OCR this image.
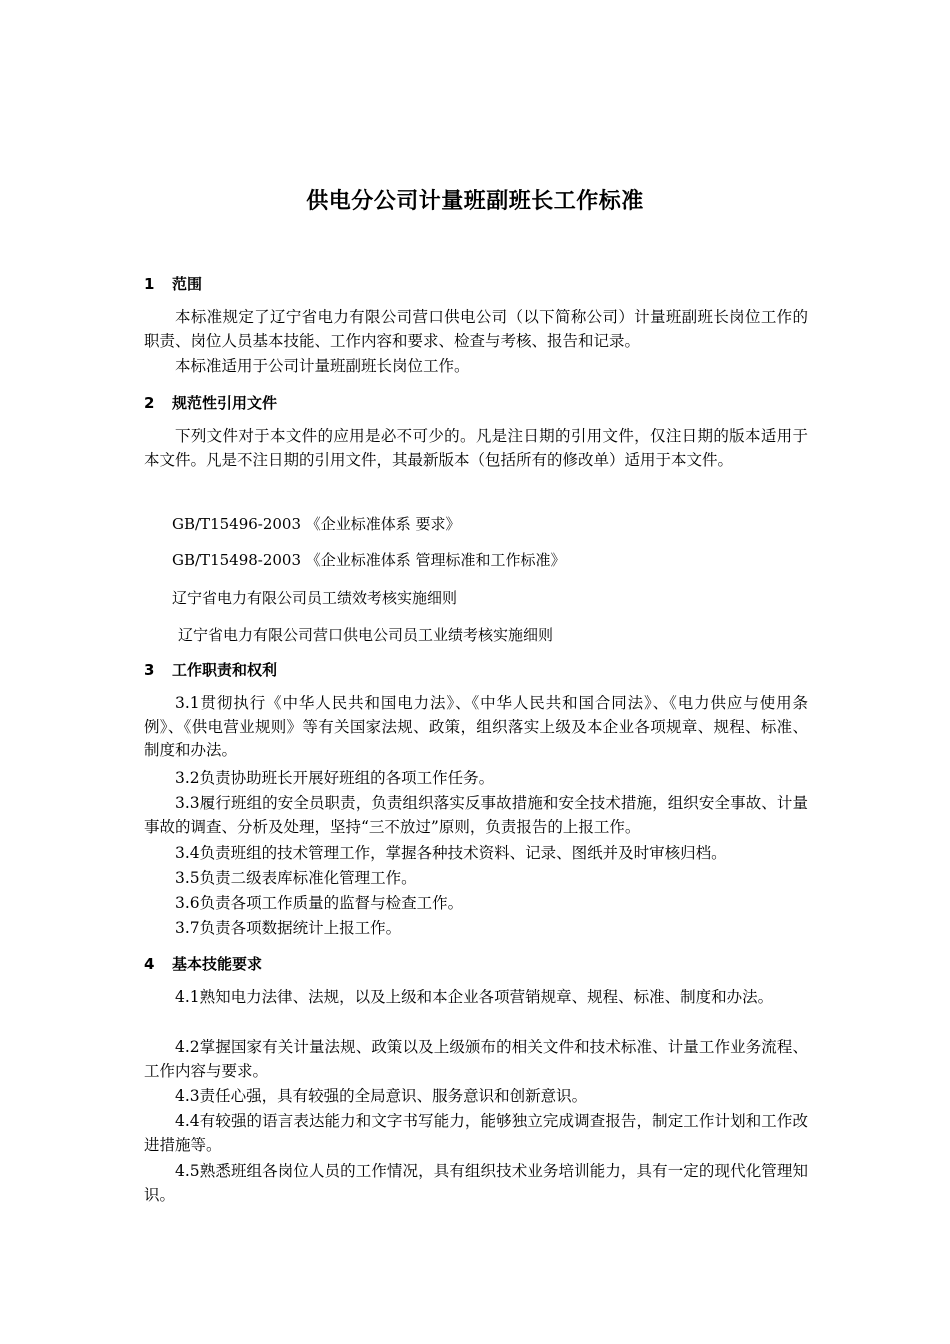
供电分公司计量班副班长工作标准
1 范围
本标准规定了辽宁省电力有限公司营口供电公司（以下简称公司）计量班副班长岗位工作的职责、岗位人员基本技能、工作内容和要求、检查与考核、报告和记录。
本标准适用于公司计量班副班长岗位工作。
2 规范性引用文件
下列文件对于本文件的应用是必不可少的。凡是注日期的引用文件，仅注日期的版本适用于本文件。凡是不注日期的引用文件，其最新版本（包括所有的修改单）适用于本文件。
GB/T15496-2003 《企业标准体系 要求》
GB/T15498-2003 《企业标准体系 管理标准和工作标准》
辽宁省电力有限公司员工绩效考核实施细则
辽宁省电力有限公司营口供电公司员工业绩考核实施细则
3 工作职责和权利
3.1贯彻执行《中华人民共和国电力法》、《中华人民共和国合同法》、《电力供应与使用条例》、《供电营业规则》等有关国家法规、政策，组织落实上级及本企业各项规章、规程、标准、制度和办法。
3.2负责协助班长开展好班组的各项工作任务。
3.3履行班组的安全员职责，负责组织落实反事故措施和安全技术措施，组织安全事故、计量事故的调查、分析及处理，坚持“三不放过”原则，负责报告的上报工作。
3.4负责班组的技术管理工作，掌握各种技术资料、记录、图纸并及时审核归档。
3.5负责二级表库标准化管理工作。
3.6负责各项工作质量的监督与检查工作。
3.7负责各项数据统计上报工作。
4 基本技能要求
4.1熟知电力法律、法规，以及上级和本企业各项营销规章、规程、标准、制度和办法。
4.2掌握国家有关计量法规、政策以及上级颁布的相关文件和技术标准、计量工作业务流程、工作内容与要求。
4.3责任心强，具有较强的全局意识、服务意识和创新意识。
4.4有较强的语言表达能力和文字书写能力，能够独立完成调查报告，制定工作计划和工作改进措施等。
4.5熟悉班组各岗位人员的工作情况，具有组织技术业务培训能力，具有一定的现代化管理知识。
